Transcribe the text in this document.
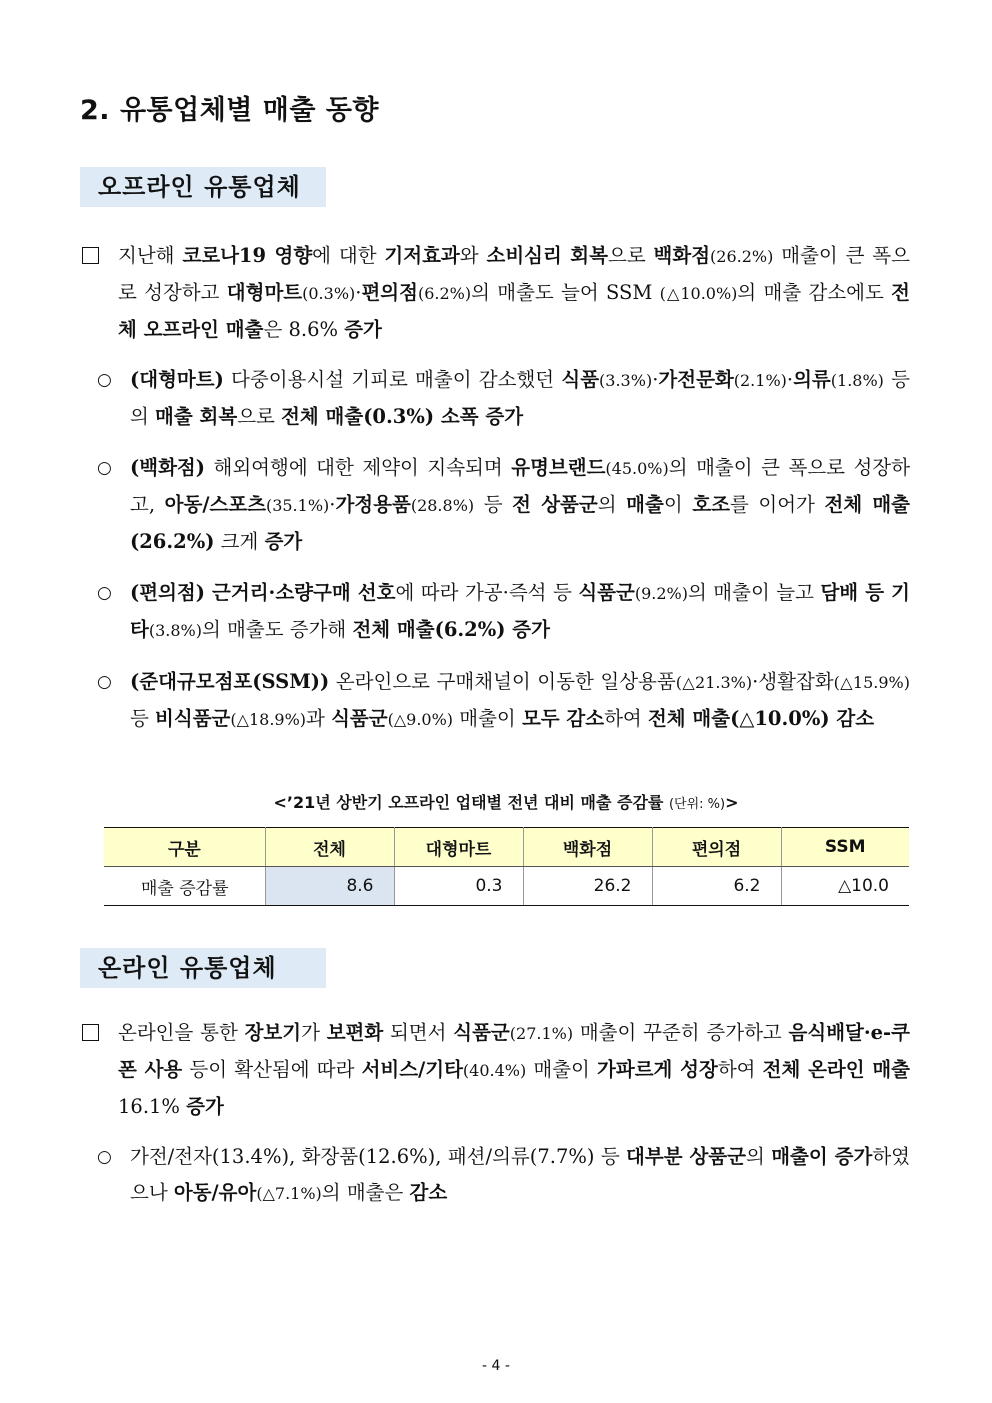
2. 유통업체별 매출 동향
오프라인 유통업체

지난해 코로나19 영향에 대한 기저효과와 소비심리 회복으로 백화점(26.2%) 매출이 큰 폭으로 성장하고 대형마트(0.3%)·편의점(6.2%)의 매출도 늘어 SSM (△10.0%)의 매출 감소에도 전체 오프라인 매출은 8.6% 증가

○ (대형마트) 다중이용시설 기피로 매출이 감소했던 식품(3.3%)·가전문화(2.1%)·의류(1.8%) 등의 매출 회복으로 전체 매출(0.3%) 소폭 증가

○ (백화점) 해외여행에 대한 제약이 지속되며 유명브랜드(45.0%)의 매출이 큰 폭으로 성장하고, 아동/스포츠(35.1%)·가정용품(28.8%) 등 전 상품군의 매출이 호조를 이어가 전체 매출(26.2%) 크게 증가

○ (편의점) 근거리·소량구매 선호에 따라 가공·즉석 등 식품군(9.2%)의 매출이 늘고 담배 등 기타(3.8%)의 매출도 증가해 전체 매출(6.2%) 증가

○ (준대규모점포(SSM)) 온라인으로 구매채널이 이동한 일상용품(△21.3%)·생활잡화(△15.9%) 등 비식품군(△18.9%)과 식품군(△9.0%) 매출이 모두 감소하여 전체 매출(△10.0%) 감소

<’21년 상반기 오프라인 업태별 전년 대비 매출 증감률 (단위: %)>
구분	전체	대형마트	백화점	편의점	SSM
매출 증감률	8.6	0.3	26.2	6.2	△10.0
온라인 유통업체

온라인을 통한 장보기가 보편화 되면서 식품군(27.1%) 매출이 꾸준히 증가하고 음식배달·e-쿠폰 사용 등이 확산됨에 따라 서비스/기타(40.4%) 매출이 가파르게 성장하여 전체 온라인 매출 16.1% 증가

○ 가전/전자(13.4%), 화장품(12.6%), 패션/의류(7.7%) 등 대부분 상품군의 매출이 증가하였으나 아동/유아(△7.1%)의 매출은 감소

- 4 -
